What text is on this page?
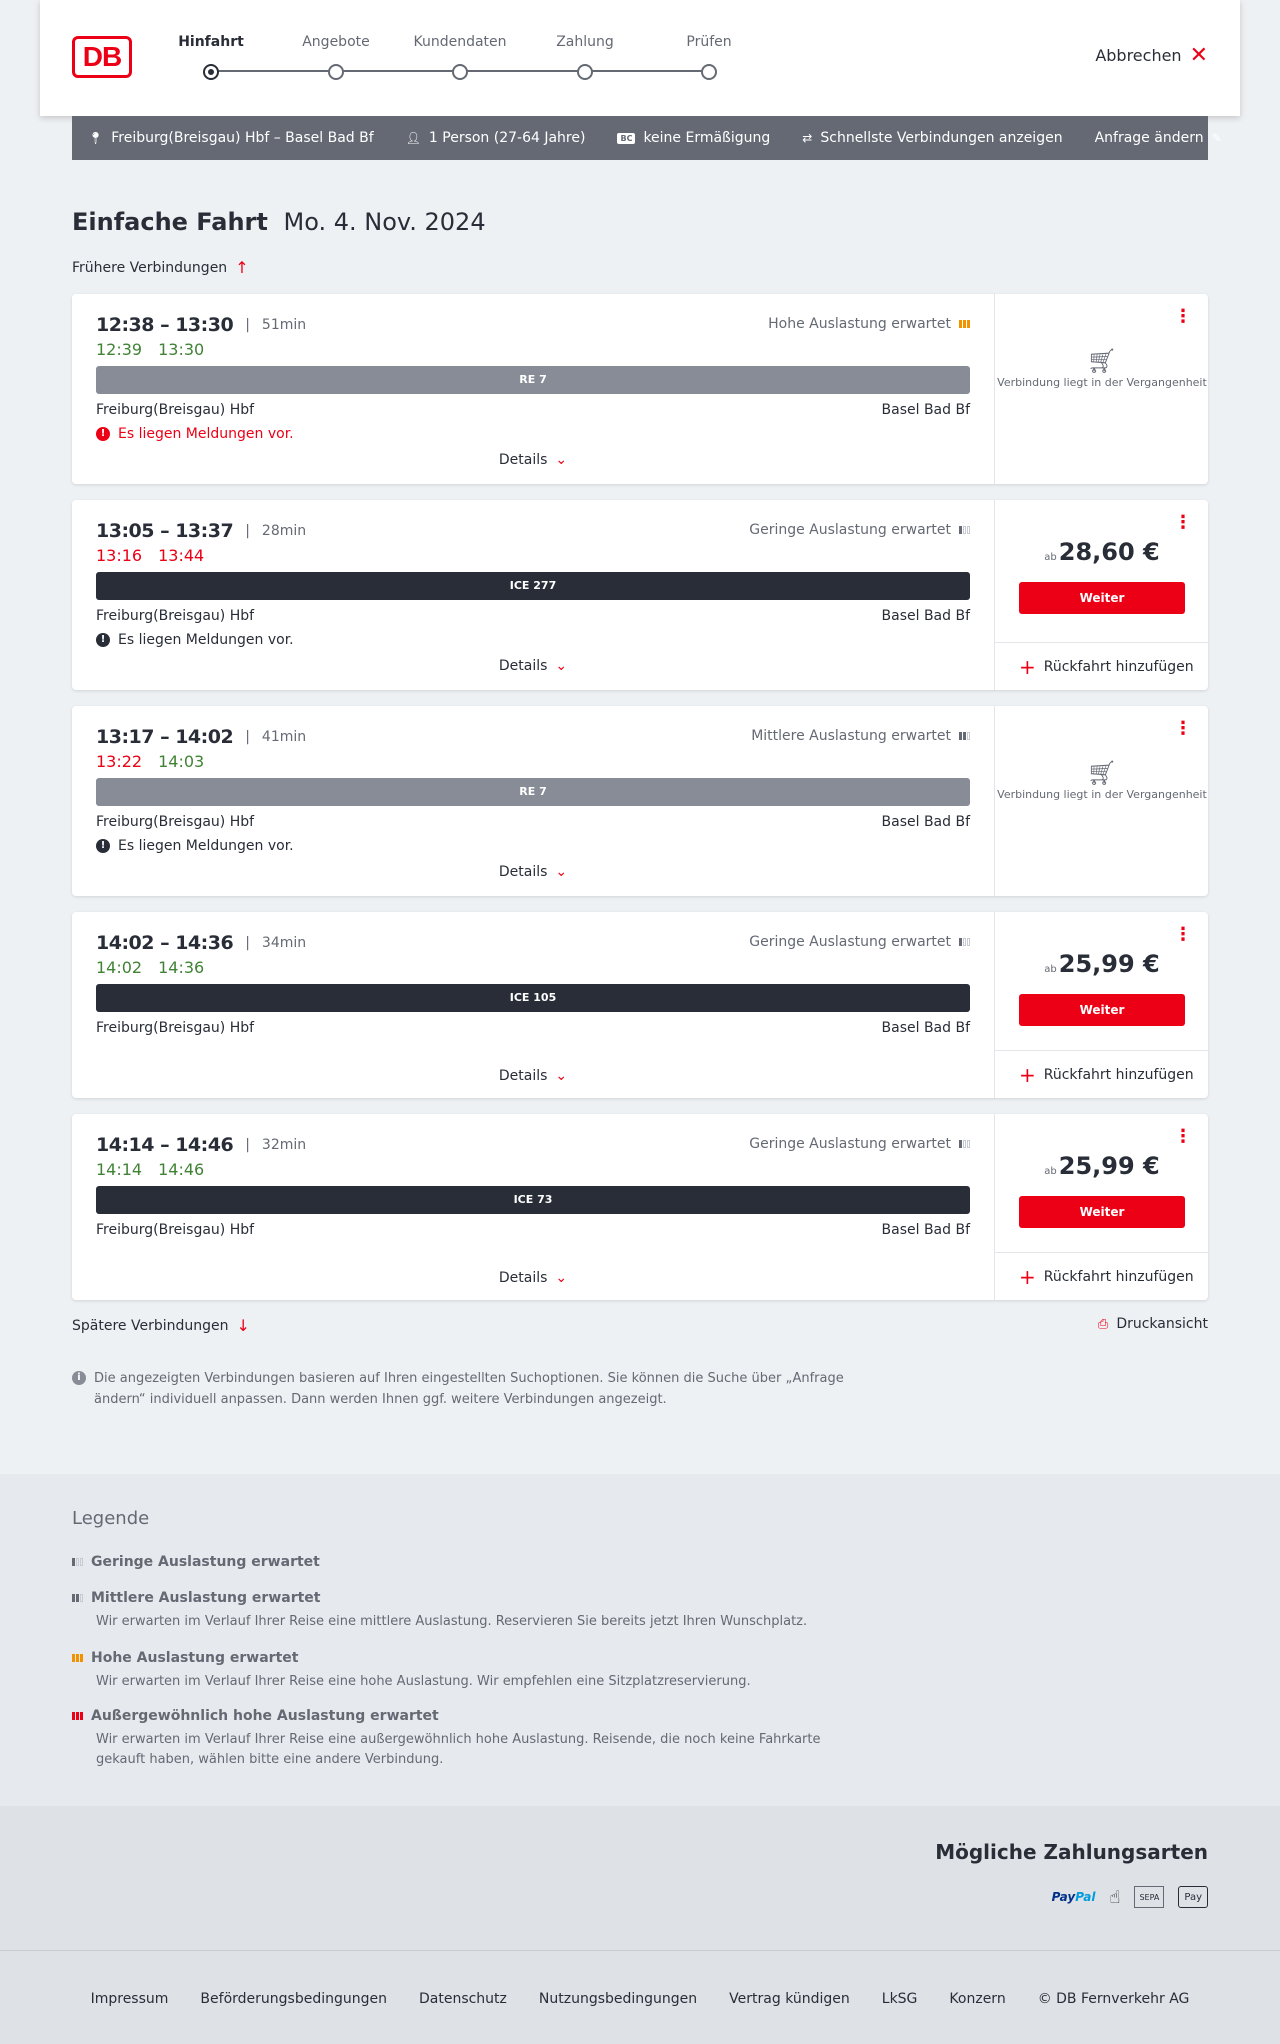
DB	Hinfahrt	Angebote	Kundendaten	Zahlung	Prüfen
Abbrechen ✕
📍︎ Freiburg(Breisgau) Hbf – Basel Bad Bf	👤︎ 1 Person (27-64 Jahre)	BC keine Ermäßigung	⇄ Schnellste Verbindungen anzeigen Anfrage ändern ✎
Einfache Fahrt Mo. 4. Nov. 2024
Frühere Verbindungen ↑
12:38 – 13:30 | 51min	Hohe Auslastung erwartet
12:39 13:30
RE 7
Freiburg(Breisgau) Hbf	Basel Bad Bf
! Es liegen Meldungen vor.
Details ⌄
⋮
🛒︎
Verbindung liegt in der Vergangenheit
13:05 – 13:37 | 28min	Geringe Auslastung erwartet
13:16 13:44
ICE 277
Freiburg(Breisgau) Hbf	Basel Bad Bf
! Es liegen Meldungen vor.
Details ⌄
⋮
ab28,60 €
Weiter
+ Rückfahrt hinzufügen
13:17 – 14:02 | 41min	Mittlere Auslastung erwartet
13:22 14:03
RE 7
Freiburg(Breisgau) Hbf	Basel Bad Bf
! Es liegen Meldungen vor.
Details ⌄
⋮
🛒︎
Verbindung liegt in der Vergangenheit
14:02 – 14:36 | 34min	Geringe Auslastung erwartet
14:02 14:36
ICE 105
Freiburg(Breisgau) Hbf	Basel Bad Bf
Details ⌄
⋮
ab25,99 €
Weiter
+ Rückfahrt hinzufügen
14:14 – 14:46 | 32min	Geringe Auslastung erwartet
14:14 14:46
ICE 73
Freiburg(Breisgau) Hbf	Basel Bad Bf
Details ⌄
⋮
ab25,99 €
Weiter
+ Rückfahrt hinzufügen
Spätere Verbindungen ↓	⎙ Druckansicht
i	Die angezeigten Verbindungen basieren auf Ihren eingestellten Suchoptionen. Sie können die Suche über „Anfrage ändern“ individuell anpassen. Dann werden Ihnen ggf. weitere Verbindungen angezeigt.
Legende
Geringe Auslastung erwartet
Mittlere Auslastung erwartet
Wir erwarten im Verlauf Ihrer Reise eine mittlere Auslastung. Reservieren Sie bereits jetzt Ihren Wunschplatz.
Hohe Auslastung erwartet
Wir erwarten im Verlauf Ihrer Reise eine hohe Auslastung. Wir empfehlen eine Sitzplatzreservierung.
Außergewöhnlich hohe Auslastung erwartet
Wir erwarten im Verlauf Ihrer Reise eine außergewöhnlich hohe Auslastung. Reisende, die noch keine Fahrkarte gekauft haben, wählen bitte eine andere Verbindung.
Mögliche Zahlungsarten
Pay Pal ☝︎	SEPA	Pay
Impressum Beförderungsbedingungen Datenschutz Nutzungsbedingungen Vertrag kündigen LkSG Konzern © DB Fernverkehr AG
